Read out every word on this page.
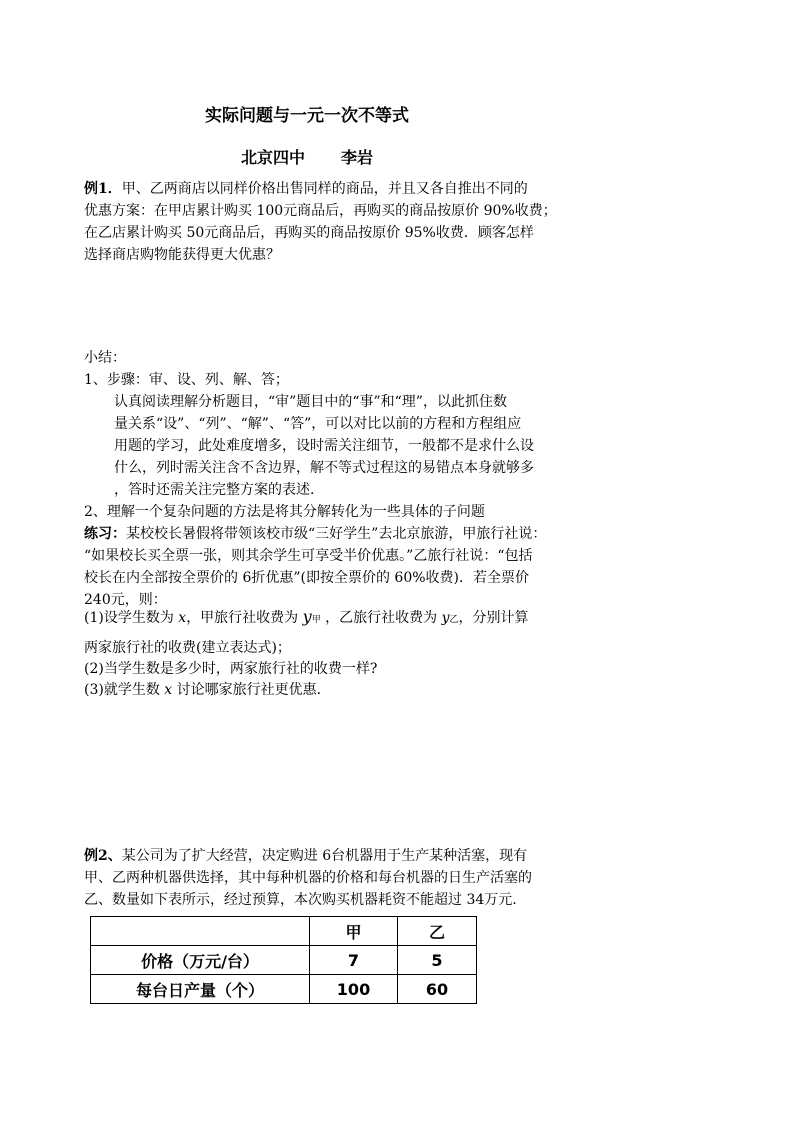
实际问题与一元一次不等式
北京四中 李岩
例1．甲、乙两商店以同样价格出售同样的商品，并且又各自推出不同的
优惠方案：在甲店累计购买 100元商品后，再购买的商品按原价 90%收费；
在乙店累计购买 50元商品后，再购买的商品按原价 95%收费．顾客怎样
选择商店购物能获得更大优惠？
小结：
1、步骤：审、设、列、解、答；
认真阅读理解分析题目，“审”题目中的“事”和“理”，以此抓住数
量关系“设”、“列”、“解”、“答”，可以对比以前的方程和方程组应
用题的学习，此处难度增多，设时需关注细节，一般都不是求什么设
什么，列时需关注含不含边界，解不等式过程这的易错点本身就够多
，答时还需关注完整方案的表述.
2、理解一个复杂问题的方法是将其分解转化为一些具体的子问题
练习：某校校长暑假将带领该校市级“三好学生”去北京旅游，甲旅行社说：
“如果校长买全票一张，则其余学生可享受半价优惠。”乙旅行社说：“包括
校长在内全部按全票价的 6折优惠”(即按全票价的 60%收费)．若全票价
240元，则：
(1)设学生数为 x，甲旅行社收费为 y甲 ，乙旅行社收费为 y乙，分别计算
两家旅行社的收费(建立表达式)；
(2)当学生数是多少时，两家旅行社的收费一样?
(3)就学生数 x 讨论哪家旅行社更优惠．
例2、某公司为了扩大经营，决定购进 6台机器用于生产某种活塞，现有
甲、乙两种机器供选择，其中每种机器的价格和每台机器的日生产活塞的
乙、数量如下表所示，经过预算，本次购买机器耗资不能超过 34万元.
	甲	乙
价格（万元/台）	7	5
每台日产量（个）	100	60
